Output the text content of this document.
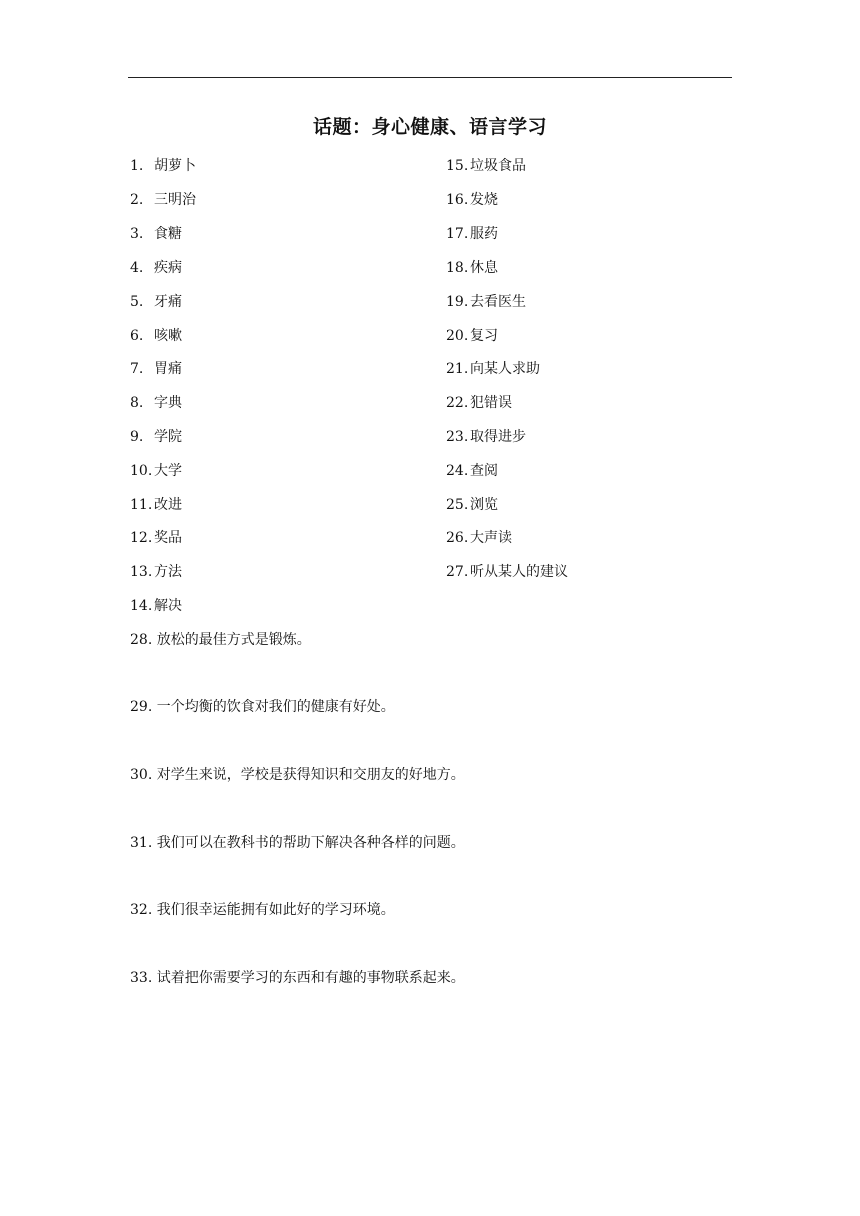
话题：身心健康、语言学习
1. 胡萝卜
2. 三明治
3. 食糖
4. 疾病
5. 牙痛
6. 咳嗽
7. 胃痛
8. 字典
9. 学院
10. 大学
11. 改进
12. 奖品
13. 方法
14. 解决
15. 垃圾食品
16. 发烧
17. 服药
18. 休息
19. 去看医生
20. 复习
21. 向某人求助
22. 犯错误
23. 取得进步
24. 查阅
25. 浏览
26. 大声读
27. 听从某人的建议
28. 放松的最佳方式是锻炼。
29. 一个均衡的饮食对我们的健康有好处。
30. 对学生来说，学校是获得知识和交朋友的好地方。
31. 我们可以在教科书的帮助下解决各种各样的问题。
32. 我们很幸运能拥有如此好的学习环境。
33. 试着把你需要学习的东西和有趣的事物联系起来。
